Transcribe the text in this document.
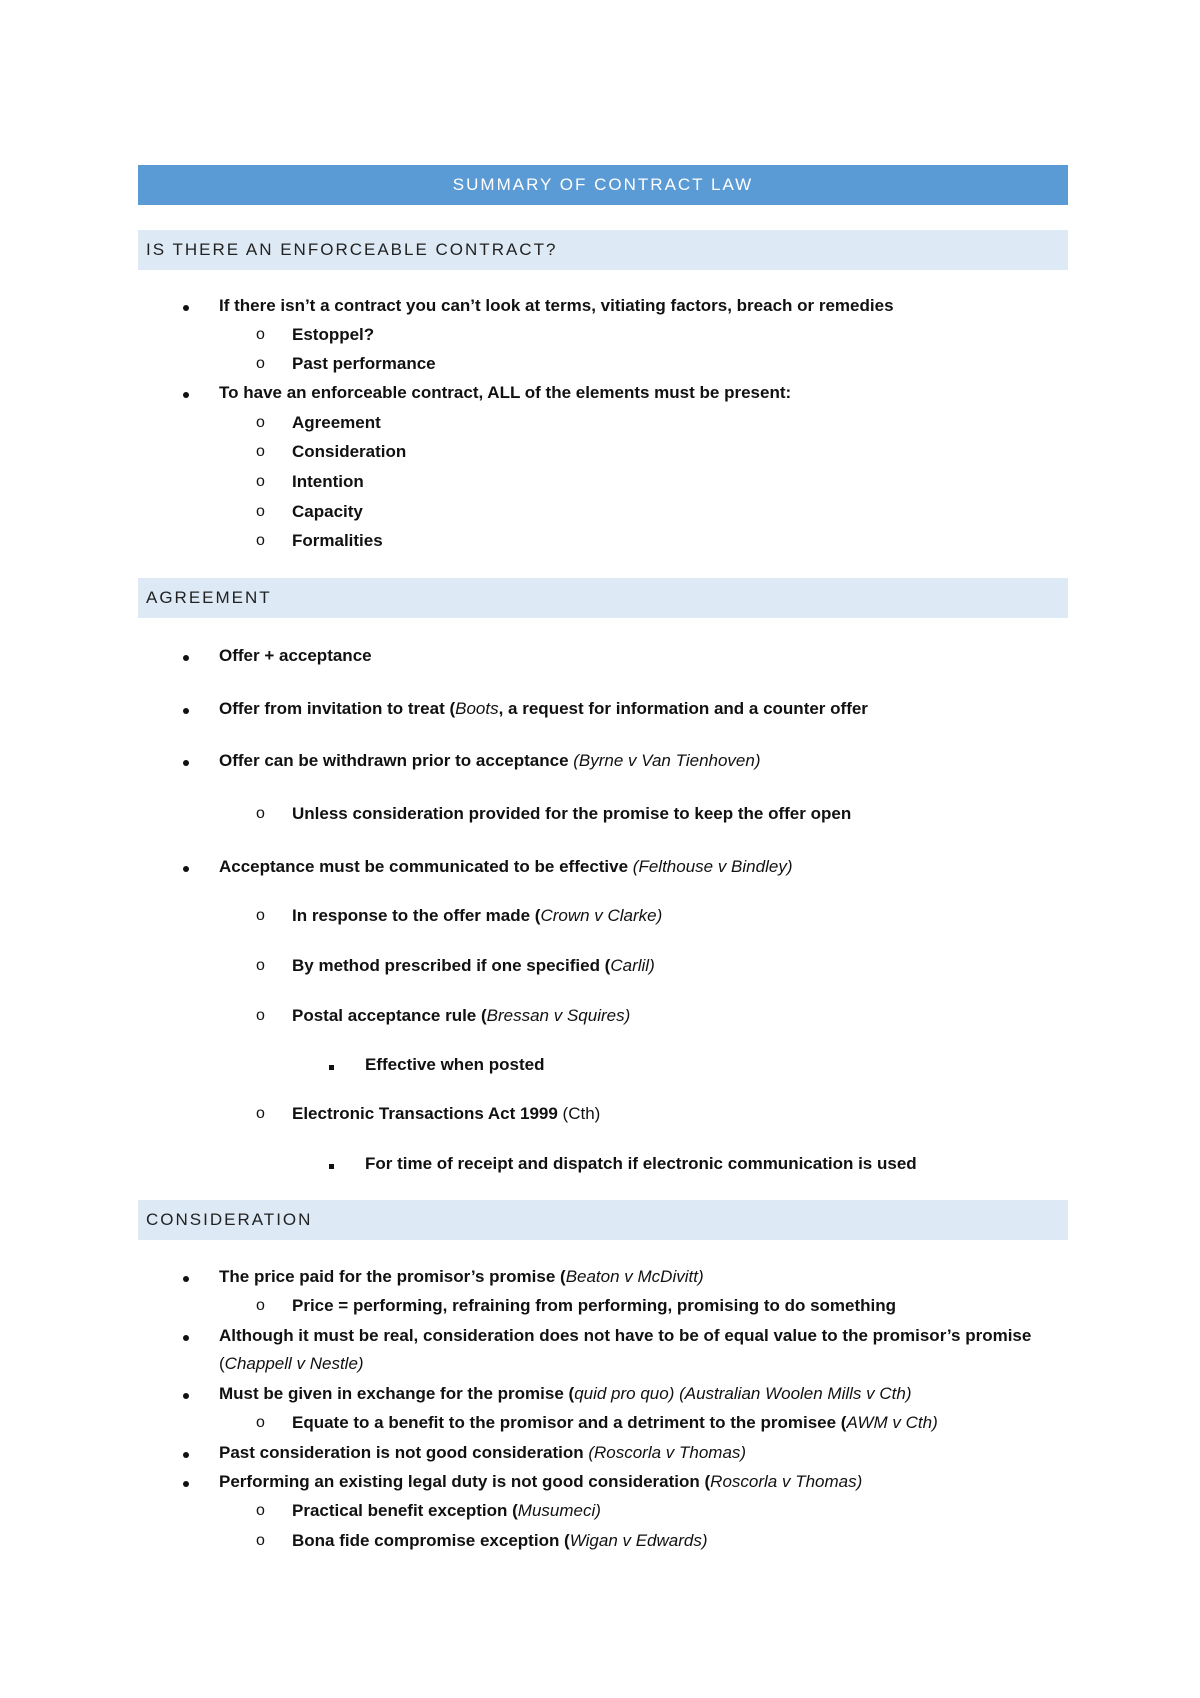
SUMMARY OF CONTRACT LAW
IS THERE AN ENFORCEABLE CONTRACT?
If there isn’t a contract you can’t look at terms, vitiating factors, breach or remedies
o Estoppel?
o Past performance
To have an enforceable contract, ALL of the elements must be present:
o Agreement
o Consideration
o Intention
o Capacity
o Formalities
AGREEMENT
Offer + acceptance
Offer from invitation to treat (Boots, a request for information and a counter offer
Offer can be withdrawn prior to acceptance (Byrne v Van Tienhoven)
o Unless consideration provided for the promise to keep the offer open
Acceptance must be communicated to be effective (Felthouse v Bindley)
o In response to the offer made (Crown v Clarke)
o By method prescribed if one specified (Carlil)
o Postal acceptance rule (Bressan v Squires)
Effective when posted
o Electronic Transactions Act 1999 (Cth)
For time of receipt and dispatch if electronic communication is used
CONSIDERATION
The price paid for the promisor’s promise (Beaton v McDivitt)
o Price = performing, refraining from performing, promising to do something
Although it must be real, consideration does not have to be of equal value to the promisor’s promise
(Chappell v Nestle)
Must be given in exchange for the promise (quid pro quo) (Australian Woolen Mills v Cth)
o Equate to a benefit to the promisor and a detriment to the promisee (AWM v Cth)
Past consideration is not good consideration (Roscorla v Thomas)
Performing an existing legal duty is not good consideration (Roscorla v Thomas)
o Practical benefit exception (Musumeci)
o Bona fide compromise exception (Wigan v Edwards)
